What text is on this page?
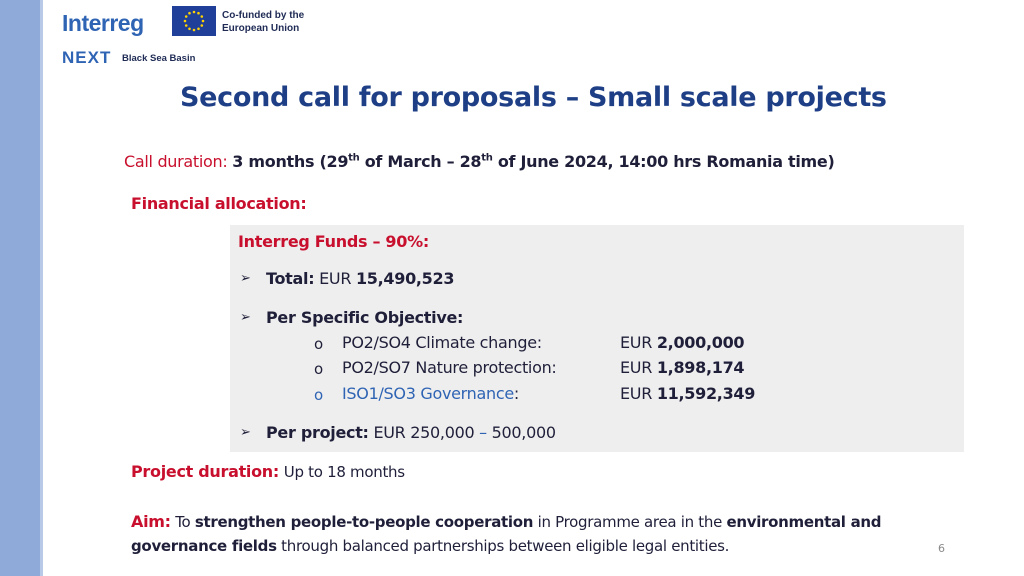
Interreg	Co-funded by the European Union
NEXT Black Sea Basin
Second call for proposals – Small scale projects
Call duration: 3 months (29th of March – 28th of June 2024, 14:00 hrs Romania time)
Financial allocation:
Interreg Funds – 90%:
➢ Total: EUR 15,490,523
➢ Per Specific Objective:
o PO2/SO4 Climate change:	EUR 2,000,000
o PO2/SO7 Nature protection:	EUR 1,898,174
o ISO1/SO3 Governance:	EUR 11,592,349
➢ Per project: EUR 250,000 – 500,000
Project duration: Up to 18 months
Aim: To strengthen people-to-people cooperation in Programme area in the environmental and governance fields through balanced partnerships between eligible legal entities.	6
